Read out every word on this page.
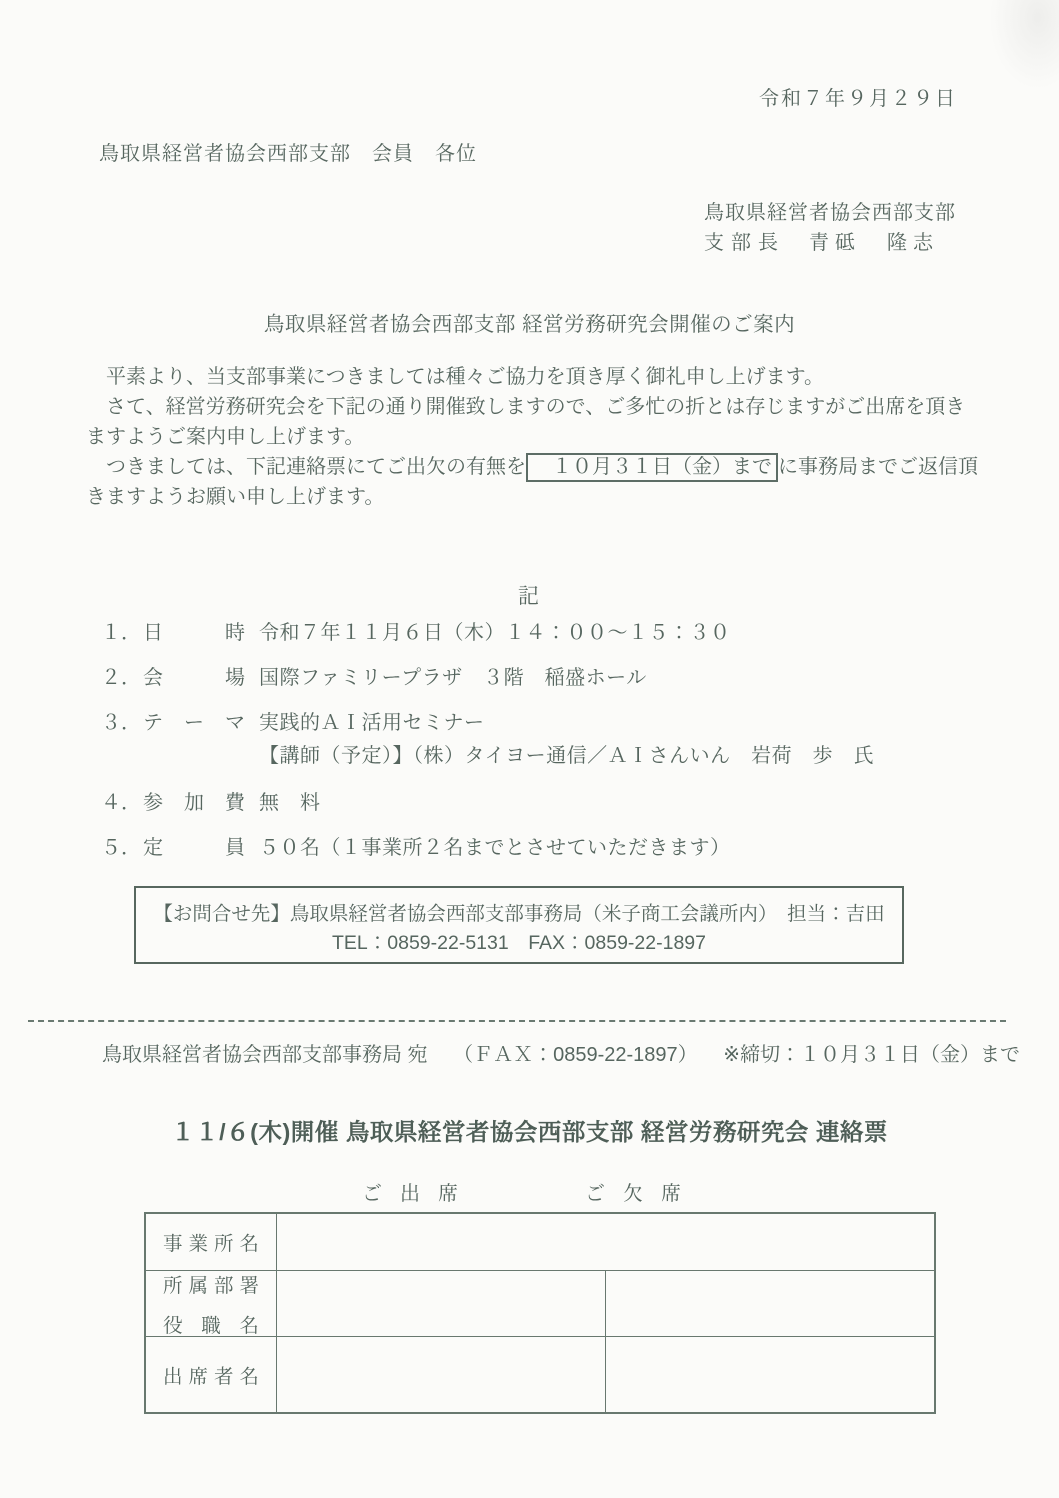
令和７年９月２９日
鳥取県経営者協会西部支部　会員　各位
鳥取県経営者協会西部支部
支部長 青砥　隆志
鳥取県経営者協会西部支部 経営労務研究会開催のご案内

平素より、当支部事業につきましては種々ご協力を頂き厚く御礼申し上げます。

さて、経営労務研究会を下記の通り開催致しますので、ご多忙の折とは存じますがご出席を頂きますようご案内申し上げます。

つきましては、下記連絡票にてご出欠の有無を １０月３１日（金）まで に事務局までご返信頂きますようお願い申し上げます。

記
１． 日時 令和７年１１月６日（木）１４：００～１５：３０
２． 会場 国際ファミリープラザ　３階　稲盛ホール
３． テーマ 実践的ＡＩ活用セミナー
【講師（予定）】（株）タイヨー通信／ＡＩさんいん　岩荷　歩　氏
４． 参加費 無　料
５． 定員 ５０名（１事業所２名までとさせていただきます）
【お問合せ先】鳥取県経営者協会西部支部事務局（米子商工会議所内）　担当：吉田
TEL：0859-22-5131　FAX：0859-22-1897
鳥取県経営者協会西部支部事務局 宛 （ＦＡＸ：0859-22-1897） ※締切：１０月３１日（金）まで
１１/６(木)開催 鳥取県経営者協会西部支部 経営労務研究会 連絡票
ご出席	ご欠席
事業所名
所属部署
役職名
出席者名
